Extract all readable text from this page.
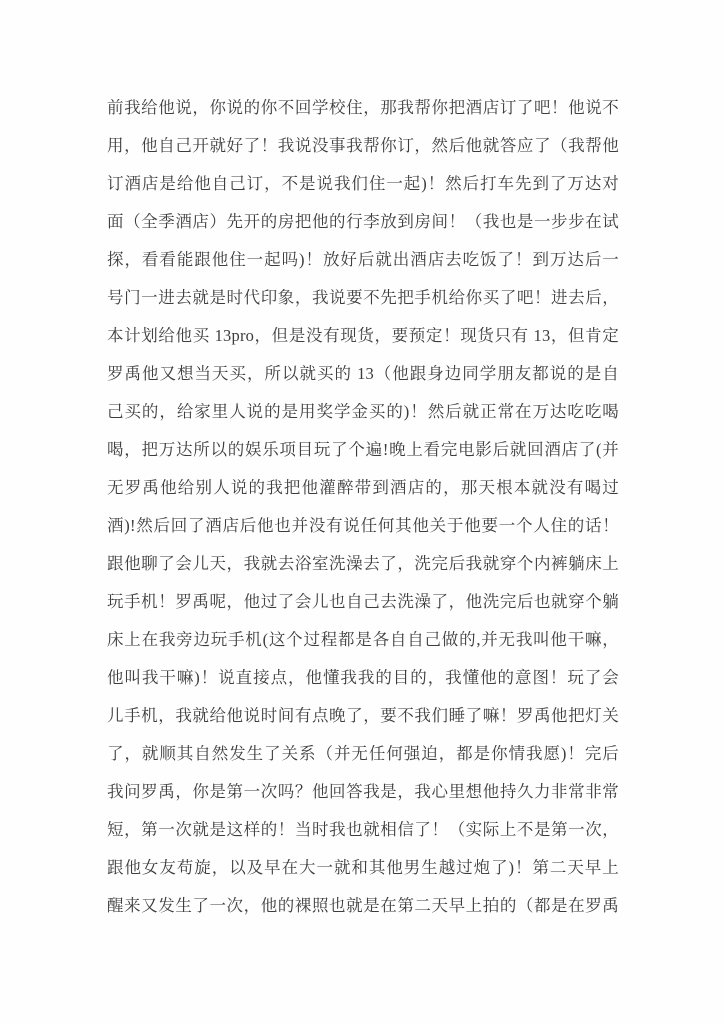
前我给他说，你说的你不回学校住，那我帮你把酒店订了吧！他说不
用，他自己开就好了！我说没事我帮你订，然后他就答应了（我帮他
订酒店是给他自己订，不是说我们住一起)！然后打车先到了万达对
面（全季酒店）先开的房把他的行李放到房间！（我也是一步步在试
探，看看能跟他住一起吗)！放好后就出酒店去吃饭了！到万达后一
号门一进去就是时代印象，我说要不先把手机给你买了吧！进去后，
本计划给他买 13pro，但是没有现货，要预定！现货只有 13，但肯定
罗禹他又想当天买，所以就买的 13（他跟身边同学朋友都说的是自
己买的，给家里人说的是用奖学金买的)！然后就正常在万达吃吃喝
喝，把万达所以的娱乐项目玩了个遍!晚上看完电影后就回酒店了(并
无罗禹他给别人说的我把他灌醉带到酒店的，那天根本就没有喝过
酒)!然后回了酒店后他也并没有说任何其他关于他要一个人住的话！
跟他聊了会儿天，我就去浴室洗澡去了，洗完后我就穿个内裤躺床上
玩手机！罗禹呢，他过了会儿也自己去洗澡了，他洗完后也就穿个躺
床上在我旁边玩手机(这个过程都是各自自己做的,并无我叫他干嘛，
他叫我干嘛)！说直接点，他懂我我的目的，我懂他的意图！玩了会
儿手机，我就给他说时间有点晚了，要不我们睡了嘛！罗禹他把灯关
了，就顺其自然发生了关系（并无任何强迫，都是你情我愿)！完后
我问罗禹，你是第一次吗？他回答我是，我心里想他持久力非常非常
短，第一次就是这样的！当时我也就相信了！（实际上不是第一次，
跟他女友苟旋，以及早在大一就和其他男生越过炮了)！第二天早上
醒来又发生了一次，他的裸照也就是在第二天早上拍的（都是在罗禹
